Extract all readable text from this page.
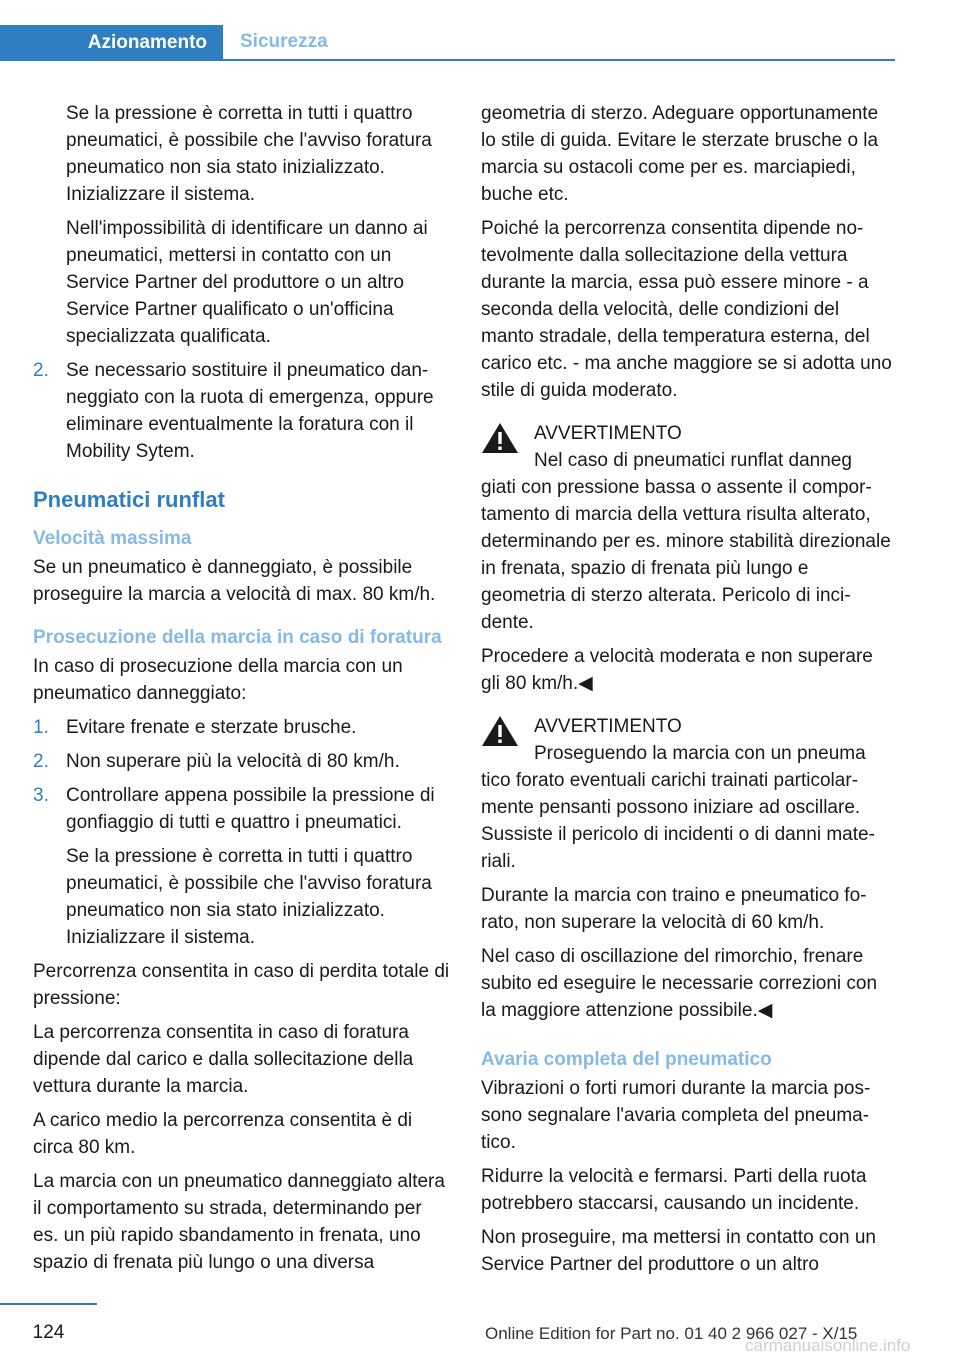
Azionamento	Sicurezza

Se la pressione è corretta in tutti i quattro pneumatici, è possibile che l'avviso foratura pneumatico non sia stato inizializzato. Inizializzare il sistema.

Nell'impossibilità di identificare un danno ai pneumatici, mettersi in contatto con un Service Partner del produttore o un altro Service Partner qualificato o un'officina specializzata qualificata.

2. Se necessario sostituire il pneumatico danneggiato con la ruota di emergenza, oppure eliminare eventualmente la foratura con il Mobility Sytem.
Pneumatici runflat
Velocità massima

Se un pneumatico è danneggiato, è possibile proseguire la marcia a velocità di max. 80 km/h.

Prosecuzione della marcia in caso di foratura

In caso di prosecuzione della marcia con un pneumatico danneggiato:

1. Evitare frenate e sterzate brusche.
2. Non superare più la velocità di 80 km/h.
3. Controllare appena possibile la pressione di gonfiaggio di tutti e quattro i pneumatici.

Se la pressione è corretta in tutti i quattro pneumatici, è possibile che l'avviso foratura pneumatico non sia stato inizializzato. Inizializzare il sistema.

Percorrenza consentita in caso di perdita totale di pressione:

La percorrenza consentita in caso di foratura dipende dal carico e dalla sollecitazione della vettura durante la marcia.

A carico medio la percorrenza consentita è di circa 80 km.

La marcia con un pneumatico danneggiato altera il comportamento su strada, determinando per es. un più rapido sbandamento in frenata, uno spazio di frenata più lungo o una diversa

geometria di sterzo. Adeguare opportunamente lo stile di guida. Evitare le sterzate brusche o la marcia su ostacoli come per es. marciapiedi, buche etc.

Poiché la percorrenza consentita dipende notevolmente dalla sollecitazione della vettura durante la marcia, essa può essere minore - a seconda della velocità, delle condizioni del manto stradale, della temperatura esterna, del carico etc. - ma anche maggiore se si adotta uno stile di guida moderato.

AVVERTIMENTO
Nel caso di pneumatici runflat danneg

giati con pressione bassa o assente il comportamento di marcia della vettura risulta alterato, determinando per es. minore stabilità direzionale in frenata, spazio di frenata più lungo e geometria di sterzo alterata. Pericolo di incidente.

Procedere a velocità moderata e non superare gli 80 km/h.◀

AVVERTIMENTO
Proseguendo la marcia con un pneuma

tico forato eventuali carichi trainati particolarmente pensanti possono iniziare ad oscillare. Sussiste il pericolo di incidenti o di danni materiali.

Durante la marcia con traino e pneumatico forato, non superare la velocità di 60 km/h.

Nel caso di oscillazione del rimorchio, frenare subito ed eseguire le necessarie correzioni con la maggiore attenzione possibile.◀

Avaria completa del pneumatico

Vibrazioni o forti rumori durante la marcia possono segnalare l'avaria completa del pneumatico.

Ridurre la velocità e fermarsi. Parti della ruota potrebbero staccarsi, causando un incidente.

Non proseguire, ma mettersi in contatto con un Service Partner del produttore o un altro

124	Online Edition for Part no. 01 40 2 966 027 - X/15
carmanualsonline.info
